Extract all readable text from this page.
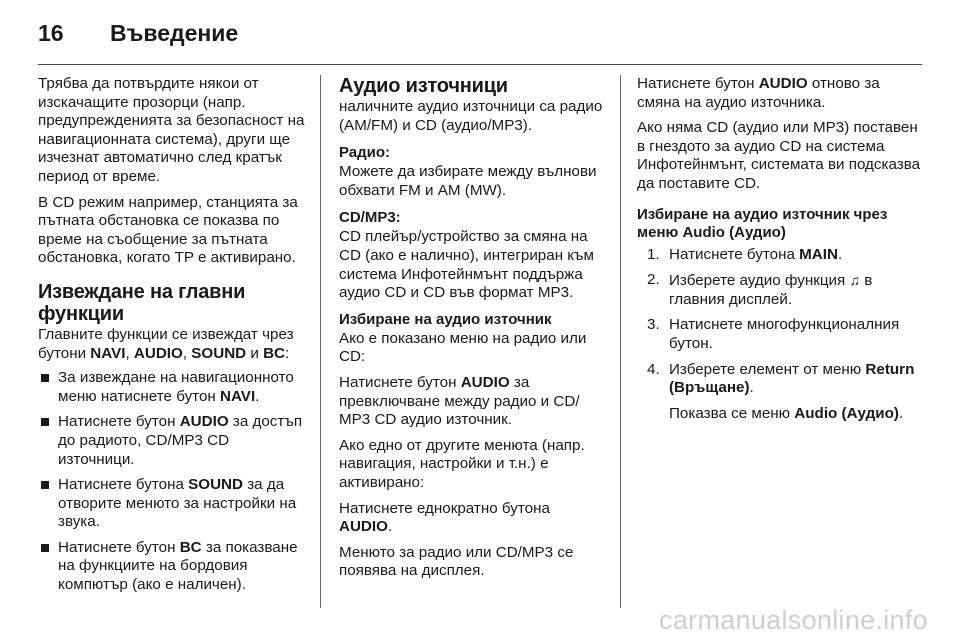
16	Въведение

Трябва да потвърдите някои от изскачащите прозорци (напр. предупрежденията за безопасност на навигационната система), други ще изчезнат автоматично след кратък период от време.

В CD режим например, станцията за пътната обстановка се показва по време на съобщение за пътната обстановка, когато TP е активирано.

Извеждане на главни функции

Главните функции се извеждат чрез бутони NAVI, AUDIO, SOUND и BC:

За извеждане на навигационното меню натиснете бутон NAVI.
Натиснете бутон AUDIO за достъп до радиото, CD/MP3 CD източници.
Натиснете бутона SOUND за да отворите менюто за настройки на звука.
Натиснете бутон BC за показване на функциите на бордовия компютър (ако е наличен).
Аудио източници

наличните аудио източници са радио (AM/FM) и CD (аудио/MP3).

Радио:

Можете да избирате между вълнови обхвати FM и AM (MW).

CD/MP3:

CD плейър/устройство за смяна на CD (ако е налично), интегриран към система Инфотейнмънт поддържа аудио CD и CD във формат MP3.

Избиране на аудио източник

Ако е показано меню на радио или CD:

Натиснете бутон AUDIO за превключване между радио и CD/ MP3 CD аудио източник.

Ако едно от другите менюта (напр. навигация, настройки и т.н.) е активирано:

Натиснете еднократно бутона AUDIO.

Менюто за радио или CD/MP3 се появява на дисплея.

Натиснете бутон AUDIO отново за смяна на аудио източника.

Ако няма CD (аудио или MP3) поставен в гнездото за аудио CD на система Инфотейнмънт, системата ви подсказва да поставите CD.

Избиране на аудио източник чрез меню Audio (Аудио)
1. Натиснете бутона MAIN.
2. Изберете аудио функция ♫ в главния дисплей.
3. Натиснете многофункционалния бутон.
4. Изберете елемент от меню Return (Връщане).
Показва се меню Audio (Аудио).
carmanualsonline.info
